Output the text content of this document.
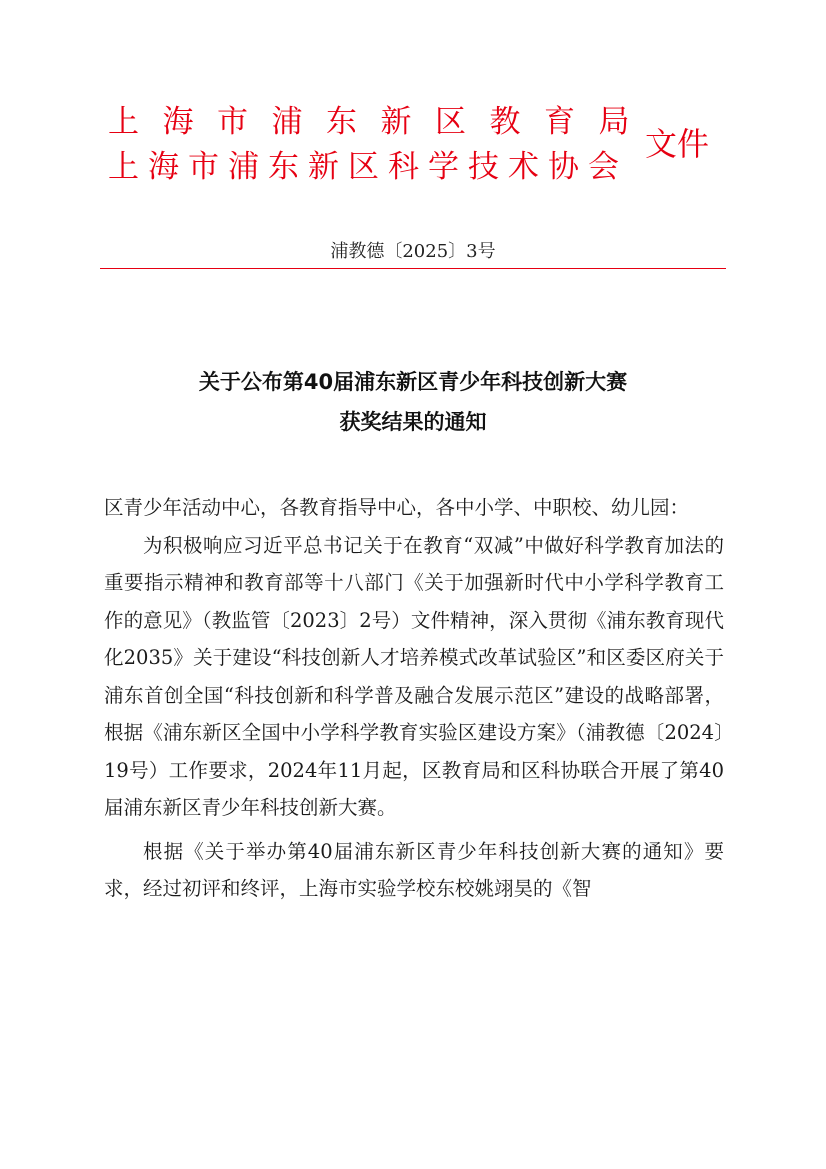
上海市浦东新区教育局
上海市浦东新区科学技术协会
文件
浦教德〔2025〕3号
关于公布第40届浦东新区青少年科技创新大赛
获奖结果的通知

区青少年活动中心，各教育指导中心，各中小学、中职校、幼儿园：

为积极响应习近平总书记关于在教育“双减”中做好科学教育加法的重要指示精神和教育部等十八部门《关于加强新时代中小学科学教育工作的意见》（教监管〔2023〕2号）文件精神，深入贯彻《浦东教育现代化2035》关于建设“科技创新人才培养模式改革试验区”和区委区府关于浦东首创全国“科技创新和科学普及融合发展示范区”建设的战略部署，根据《浦东新区全国中小学科学教育实验区建设方案》（浦教德〔2024〕19号）工作要求，2024年11月起，区教育局和区科协联合开展了第40届浦东新区青少年科技创新大赛。

根据《关于举办第40届浦东新区青少年科技创新大赛的通知》要求，经过初评和终评，上海市实验学校东校姚翊昊的《智
